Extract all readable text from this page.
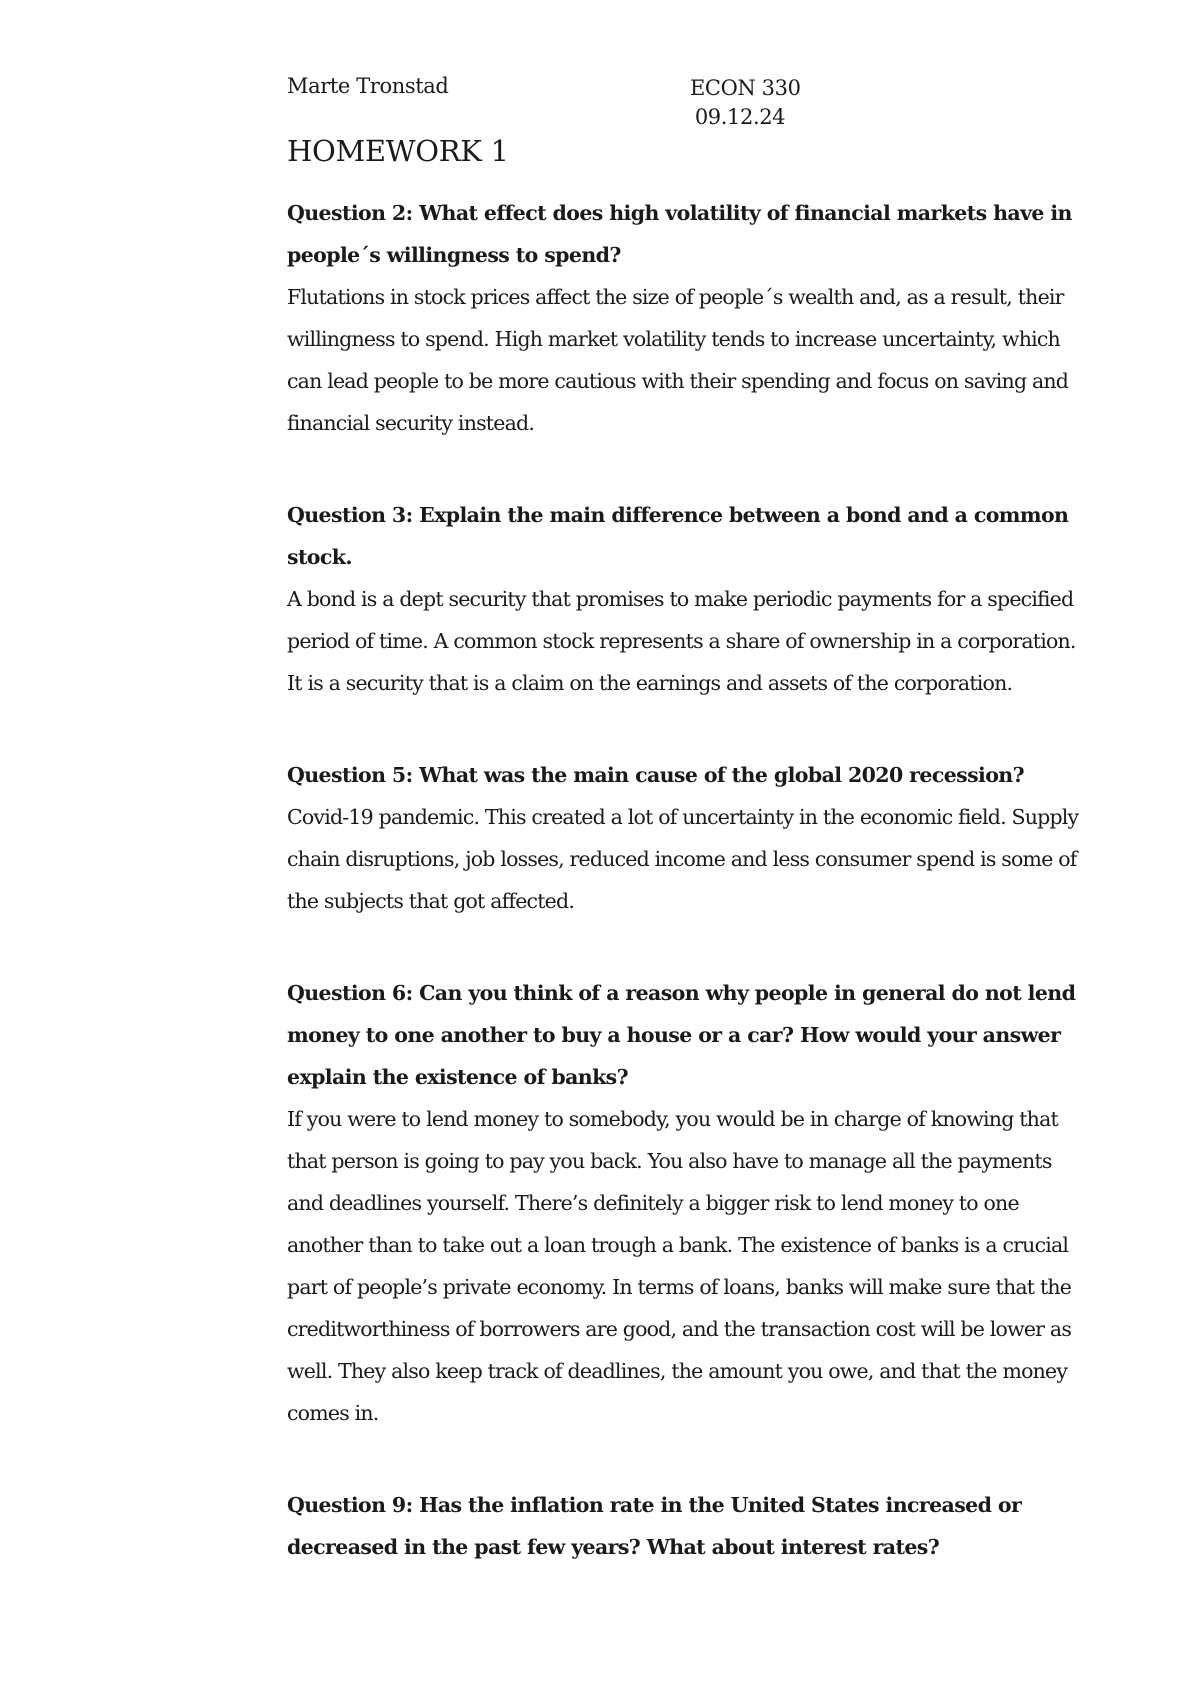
Marte Tronstad	ECON 330
09.12.24
HOMEWORK 1

Question 2: What effect does high volatility of financial markets have in people´s willingness to spend?

Flutations in stock prices affect the size of people´s wealth and, as a result, their willingness to spend. High market volatility tends to increase uncertainty, which can lead people to be more cautious with their spending and focus on saving and financial security instead.

Question 3: Explain the main difference between a bond and a common stock.

A bond is a dept security that promises to make periodic payments for a specified period of time. A common stock represents a share of ownership in a corporation. It is a security that is a claim on the earnings and assets of the corporation.

Question 5: What was the main cause of the global 2020 recession?

Covid-19 pandemic. This created a lot of uncertainty in the economic field. Supply chain disruptions, job losses, reduced income and less consumer spend is some of the subjects that got affected.

Question 6: Can you think of a reason why people in general do not lend money to one another to buy a house or a car? How would your answer explain the existence of banks?

If you were to lend money to somebody, you would be in charge of knowing that that person is going to pay you back. You also have to manage all the payments and deadlines yourself. There’s definitely a bigger risk to lend money to one another than to take out a loan trough a bank. The existence of banks is a crucial part of people’s private economy. In terms of loans, banks will make sure that the creditworthiness of borrowers are good, and the transaction cost will be lower as well. They also keep track of deadlines, the amount you owe, and that the money comes in.

Question 9: Has the inflation rate in the United States increased or decreased in the past few years? What about interest rates?
